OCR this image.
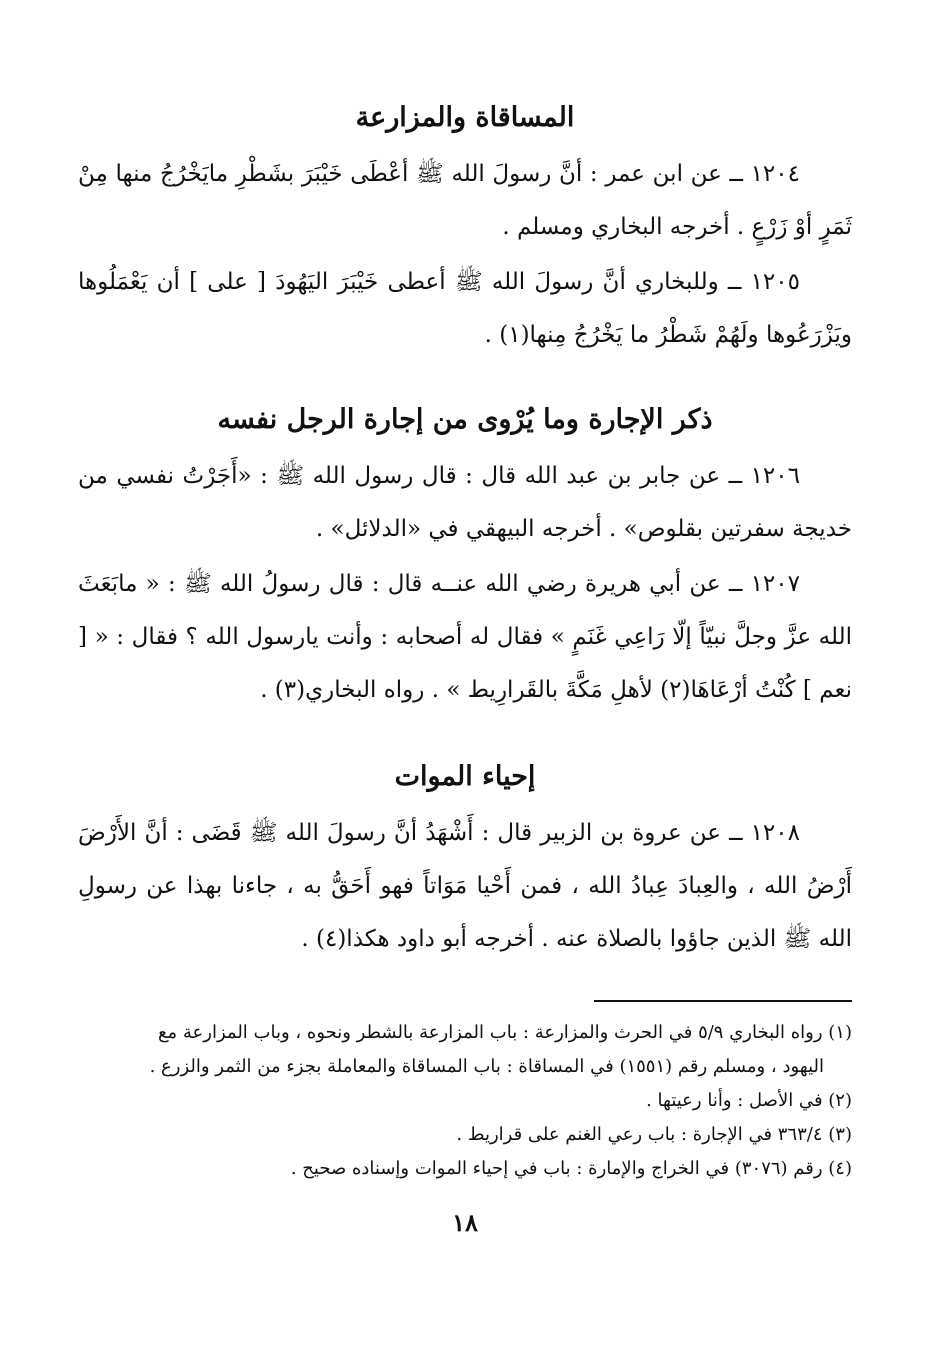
المساقاة والمزارعة

١٢٠٤ ــ عن ابن عمر : أنَّ رسولَ الله ﷺ أعْطَى خَيْبَرَ بشَطْرِ مايَخْرُجُ منها مِنْ ثَمَرٍ أوْ زَرْعٍ . أخرجه البخاري ومسلم .

١٢٠٥ ــ وللبخاري أنَّ رسولَ الله ﷺ أعطى خَيْبَرَ اليَهُودَ [ على ] أن يَعْمَلُوها ويَزْرَعُوها ولَهُمْ شَطْرُ ما يَخْرُجُ مِنها(١) .

ذكر الإجارة وما يُرْوى من إجارة الرجل نفسه

١٢٠٦ ــ عن جابر بن عبد الله قال : قال رسول الله ﷺ : «أَجَرْتُ نفسي من خديجة سفرتين بقلوص» . أخرجه البيهقي في «الدلائل» .

١٢٠٧ ــ عن أبي هريرة رضي الله عنــه قال : قال رسولُ الله ﷺ : « مابَعَثَ الله عزَّ وجلَّ نبيّاً إلّا رَاعِي غَنَمٍ » فقال له أصحابه : وأنت يارسول الله ؟ فقال : « [ نعم ] كُنْتُ أرْعَاهَا(٢) لأهلِ مَكَّةَ بالقَرارِيط » . رواه البخاري(٣) .

إحياء الموات

١٢٠٨ ــ عن عروة بن الزبير قال : أَشْهَدُ أنَّ رسولَ الله ﷺ قَضَى : أنَّ الأَرْضَ أَرْضُ الله ، والعِبادَ عِبادُ الله ، فمن أَحْيا مَوَاتاً فهو أَحَقُّ به ، جاءنا بهذا عن رسولِ الله ﷺ الذين جاؤوا بالصلاة عنه . أخرجه أبو داود هكذا(٤) .

(١) رواه البخاري ٥/٩ في الحرث والمزارعة : باب المزارعة بالشطر ونحوه ، وباب المزارعة مع

اليهود ، ومسلم رقم (١٥٥١) في المساقاة : باب المساقاة والمعاملة بجزء من الثمر والزرع .

(٢) في الأصل : وأنا رعيتها .

(٣) ٣٦٣/٤ في الإجارة : باب رعي الغنم على قراريط .

(٤) رقم (٣٠٧٦) في الخراج والإمارة : باب في إحياء الموات وإسناده صحيح .

١٨
